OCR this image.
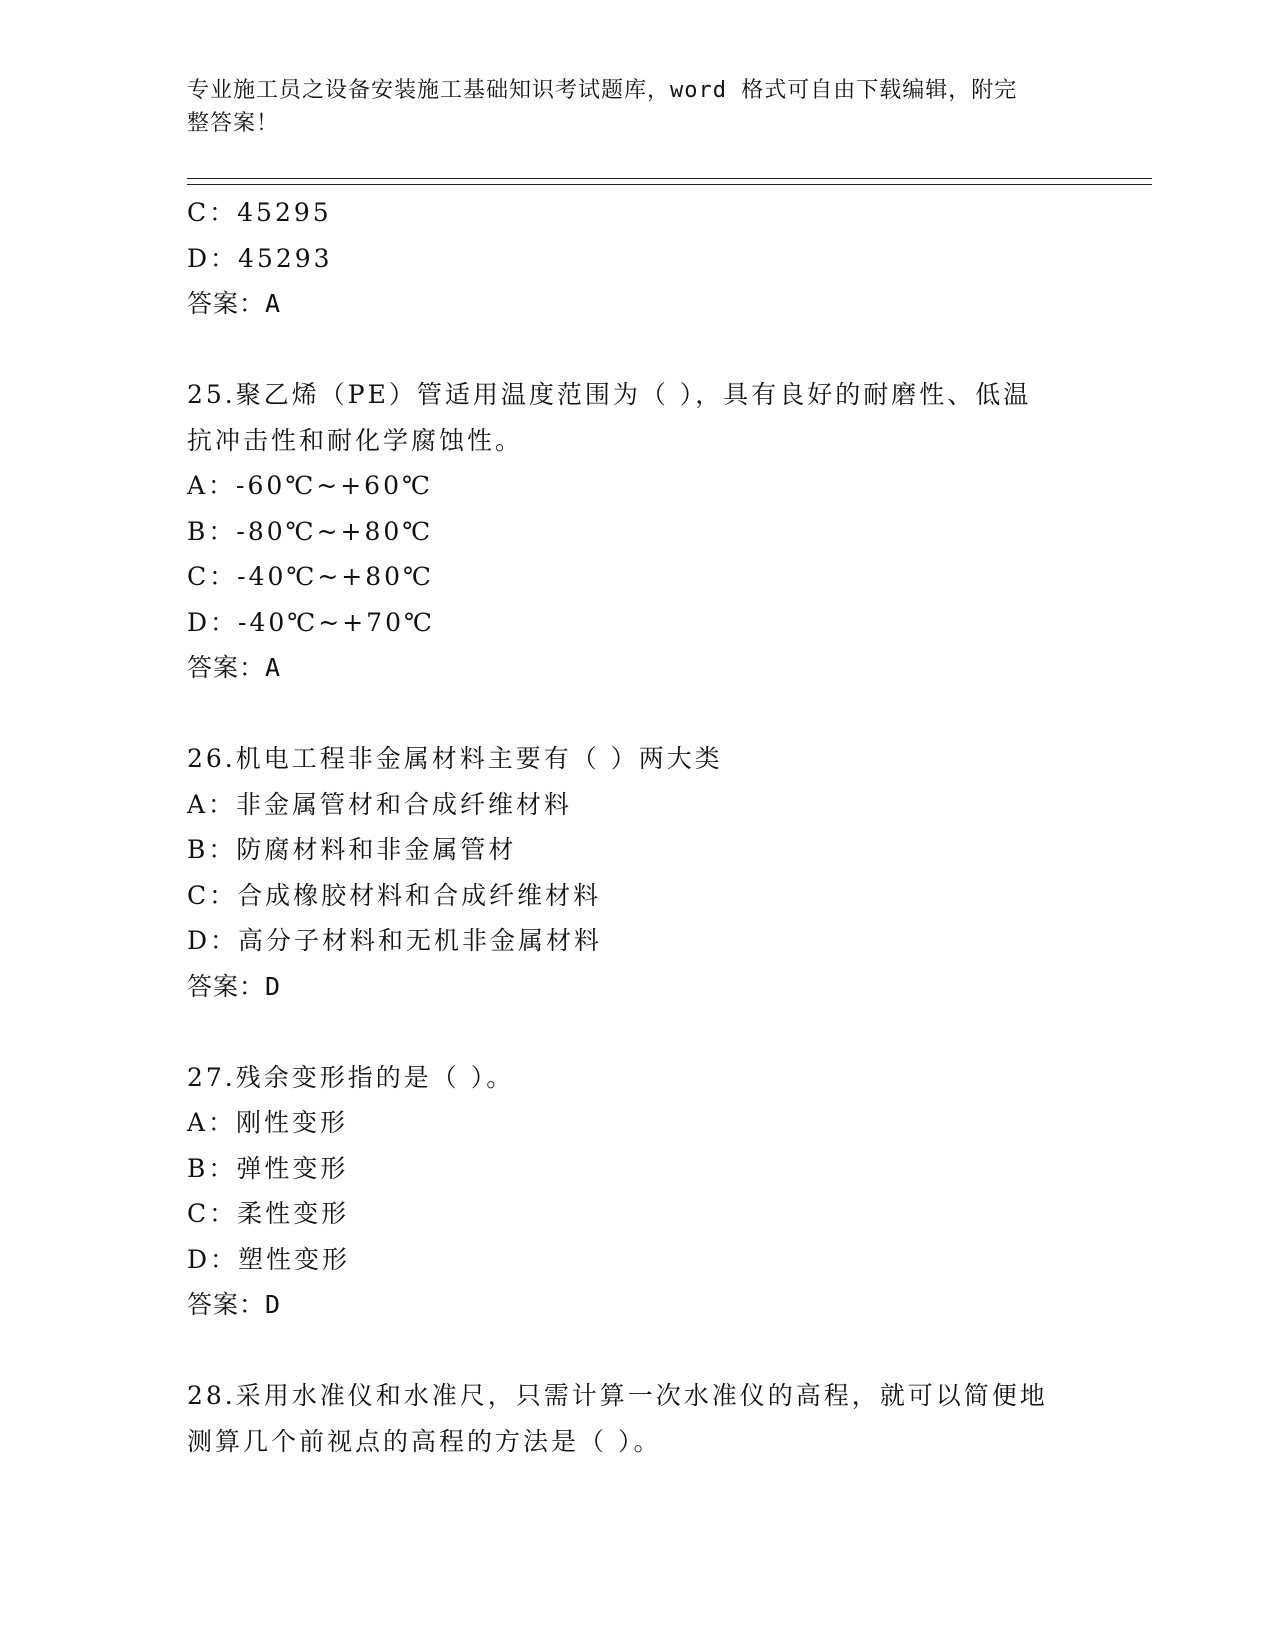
专业施工员之设备安装施工基础知识考试题库，word 格式可自由下载编辑，附完
整答案！
C：45295
D：45293
答案：A
25.聚乙烯（PE）管适用温度范围为（ ），具有良好的耐磨性、低温
抗冲击性和耐化学腐蚀性。
A：-60℃~+60℃
B：-80℃~+80℃
C：-40℃~+80℃
D：-40℃~+70℃
答案：A
26.机电工程非金属材料主要有（ ）两大类
A：非金属管材和合成纤维材料
B：防腐材料和非金属管材
C：合成橡胶材料和合成纤维材料
D：高分子材料和无机非金属材料
答案：D
27.残余变形指的是（ ）。
A：刚性变形
B：弹性变形
C：柔性变形
D：塑性变形
答案：D
28.采用水准仪和水准尺，只需计算一次水准仪的高程，就可以简便地
测算几个前视点的高程的方法是（ ）。
